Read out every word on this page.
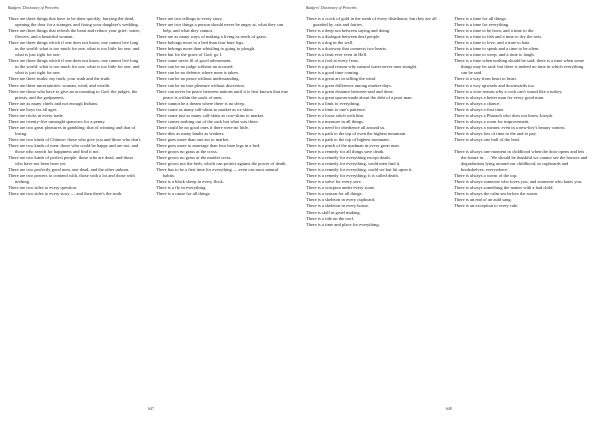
Badgers' Dictionary of Proverbs

There are three things that have to be done quickly: burying the dead, opening the door for a stranger, and fixing your daughter's wedding.

There are three things that refresh the heart and reduce your grief: water, flowers, and a beautiful woman.

There are three things which if one does not know, one cannot live long in the world: what is too much for one, what is too little for one, and what is just right for one.

There are three things which if one does not know, one cannot live long in the world: what is too much for one, what is too little for one, and what is just right for one.

There are three truths: my truth, your truth and the truth.

There are three uncertainties: woman, wind, and wealth.

There are those who have to give an accounting to God: the judges, the priests, and the godparents.

There are as many chiefs and not enough Indians.

There are boys for all ages.

There are tricks in every trade.

There are twenty-five unsought sparrows for a penny.

There are two great pleasures in gambling: that of winning and that of losing.

There are two kinds of Chinese: those who give you and those who don't.

There are two kinds of men: those who could be happy and are not, and those who search for happiness and find it not.

There are two kinds of perfect people: those who are dead, and those who have not been born yet.

There are two perfectly good men, one dead, and the other unborn.

There are two powers to contend with, those with a lot and those with nothing.

There are two sides to every question.

There are two sides to every story — and then there's the truth.

There are two tellings to every story.

There are two things a person should never be angry at, what they can help, and what they cannot.

There are as many ways of making a living as seeds of grass.

There belongs more to a bed than four bare legs.

There belongs more than whistling to going to plough.

There but for the grace of God, go I.

There came never ill of good advisement.

There can be no judge without an accused.

There can be no defence where none is taken.

There can be no peace without understanding.

There can be no true pleasure without discretion.

There can never be peace between nations until it is first known that true peace is within the souls of men.

There cannot be a dream where there is no sleep.

There come as many calf-skins to market as ox-skins.

There come just as many calf-skins as cow-skins to market.

There comes nothing out of the sack but what was there.

There could be no good ones if there were no little.

There dies as many lambs as wethers.

There goes more than one ass to market.

There goes more to marriage than four bare legs in a bed.

There grows no grass at the cross.

There grows no grass at the market cross.

There grows not the herb, which can protect against the power of death.

There has to be a first time for everything — even our most natural habits.

There is a black sheep in every flock.

There is a fly in everything.

There is a cause for all things.

647
Badgers' Dictionary of Proverbs

There is a crock of gold in the tomb of every distributor, but they are all guarded by cats and fairies.

There is a deep sea between saying and doing.

There is a dialogue between deaf people.

There is a dog in the well.

There is a doorway that connects two hearts.

There is a feast ever even in Hell.

There is a fool at every feast.

There is a good reason why natural water never runs straight.

There is a good time coming.

There is a great art in selling the wind.

There is a great difference among market-days.

There is a great distance between said and done.

There is a great uproar made about the debt of a poor man.

There is a limit to everything.

There is a limit to one's patience.

There is a loose stitch with him.

There is a measure in all things.

There is a need for obedience all around us.

There is a path to the top of even the highest mountain.

There is a path to the top of highest mountain.

There is a pinch of the madman in every great man.

There is a remedy for all things save death.

There is a remedy for everything except death.

There is a remedy for everything, could men find it.

There is a remedy for everything, could we but hit upon it.

There is a remedy for everything; it is called death.

There is a salve for every sore.

There is a scorpion under every stone.

There is a season for all things.

There is a skeleton in every cupboard.

There is a skeleton in every house.

There is skill in gruel making.

There is a tide on the roof.

There is a time and place for everything.

There is a time for all things.

There is a time for everything.

There is a time to be born, and a time to die.

There is a time to fish and a time to dry the nets.

There is a time to love, and a time to hate.

There is a time to speak and a time to be silent.

There is a time to weep, and a time to laugh.

There is a time when nothing should be said, there is a time when some things may be said: but there is indeed no time in which everything can be said.

There is a way from heart to heart.

There is a way upwards and downwards too.

There is a wise reason why a cock can't sound like a turkey.

There is always a better man for every good man.

There is always a chance.

There is always a first time.

There is always a Pharaoh who does not know Joseph.

There is always a room for improvement.

There is always a winner, even in a new-key's beauty contest.

There is always lots of time to die and to pay.

There is always one bull of the lead.

There is always one moment in childhood when the door opens and lets the future in . . . We should be thankful we cannot see the horrors and degradations lying around our childhood, in cupboards and bookshelves, everywhere.

There is always a worm of the top.

There is always someone who loves you, and someone who hates you.

There is always something the matter with a bad child.

There is always the calm sea before the storm.

There is an end of an auld sang.

There is an exception to every rule.

648
